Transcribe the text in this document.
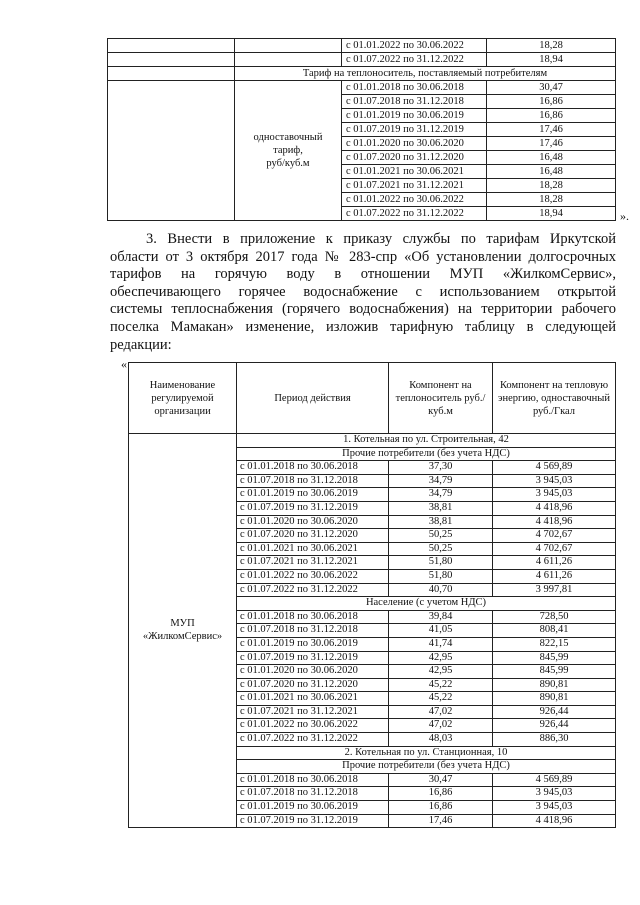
		с 01.01.2022 по 30.06.2022	18,28
		с 01.07.2022 по 31.12.2022	18,94
	Тариф на теплоноситель, поставляемый потребителям		

	одноставочный
тариф,
руб/куб.м	с 01.01.2018 по 30.06.2018	30,47
		с 01.07.2018 по 31.12.2018	16,86
		с 01.01.2019 по 30.06.2019	16,86
		с 01.07.2019 по 31.12.2019	17,46
		с 01.01.2020 по 30.06.2020	17,46
		с 01.07.2020 по 31.12.2020	16,48
		с 01.01.2021 по 30.06.2021	16,48
		с 01.07.2021 по 31.12.2021	18,28
		с 01.01.2022 по 30.06.2022	18,28
		с 01.07.2022 по 31.12.2022	18,94	».
3. Внести в приложение к приказу службы по тарифам Иркутской
области от 3 октября 2017 года № 283-спр «Об установлении долгосрочных
тарифов на горячую воду в отношении МУП «ЖилкомСервис»,
обеспечивающего горячее водоснабжение с использованием открытой
системы теплоснабжения (горячего водоснабжения) на территории рабочего
поселка Мамакан» изменение, изложив тарифную таблицу в следующей
редакции:
«
Наименование регулируемой организации	Период действия	Компонент на теплоноситель руб./куб.м	Компонент на тепловую энергию, одноставочный руб./Гкал
МУП «ЖилкомСервис»	1. Котельная по ул. Строительная, 42		
	Прочие потребители (без учета НДС)		
	с 01.01.2018 по 30.06.2018	37,30	4 569,89
	с 01.07.2018 по 31.12.2018	34,79	3 945,03
	с 01.01.2019 по 30.06.2019	34,79	3 945,03
	с 01.07.2019 по 31.12.2019	38,81	4 418,96
	с 01.01.2020 по 30.06.2020	38,81	4 418,96
	с 01.07.2020 по 31.12.2020	50,25	4 702,67
	с 01.01.2021 по 30.06.2021	50,25	4 702,67
	с 01.07.2021 по 31.12.2021	51,80	4 611,26
	с 01.01.2022 по 30.06.2022	51,80	4 611,26
	с 01.07.2022 по 31.12.2022	40,70	3 997,81
	Население (с учетом НДС)		
	с 01.01.2018 по 30.06.2018	39,84	728,50
	с 01.07.2018 по 31.12.2018	41,05	808,41
	с 01.01.2019 по 30.06.2019	41,74	822,15
	с 01.07.2019 по 31.12.2019	42,95	845,99
	с 01.01.2020 по 30.06.2020	42,95	845,99
	с 01.07.2020 по 31.12.2020	45,22	890,81
	с 01.01.2021 по 30.06.2021	45,22	890,81
	с 01.07.2021 по 31.12.2021	47,02	926,44
	с 01.01.2022 по 30.06.2022	47,02	926,44
	с 01.07.2022 по 31.12.2022	48,03	886,30
	2. Котельная по ул. Станционная, 10		
	Прочие потребители (без учета НДС)		
	с 01.01.2018 по 30.06.2018	30,47	4 569,89
	с 01.07.2018 по 31.12.2018	16,86	3 945,03
	с 01.01.2019 по 30.06.2019	16,86	3 945,03
	с 01.07.2019 по 31.12.2019	17,46	4 418,96
